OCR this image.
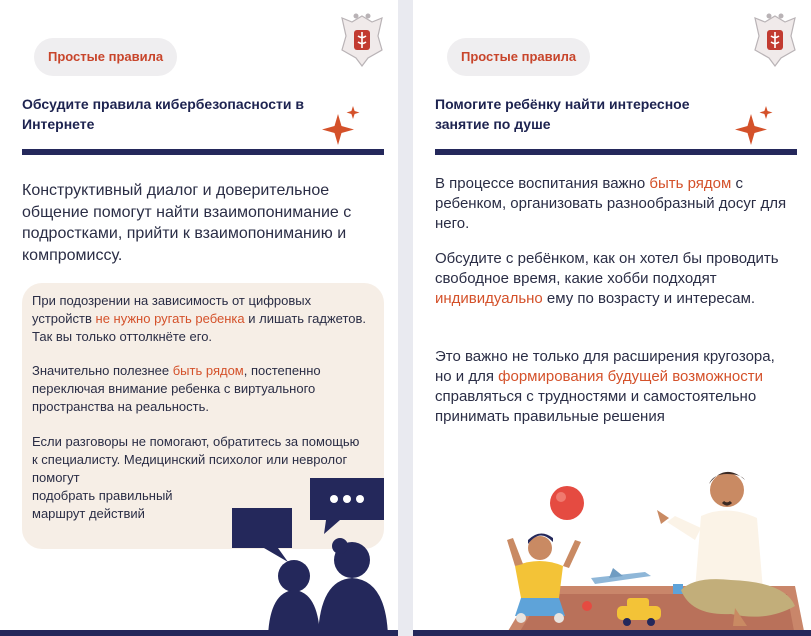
Простые правила
Обсудите правила кибербезопасности в Интернете
Конструктивный диалог и доверительное общение помогут найти взаимопонимание с подростками, прийти к взаимопониманию и компромиссу.
При подозрении на зависимость от цифровых устройств не нужно ругать ребенка и лишать гаджетов. Так вы только оттолкнёте его.
Значительно полезнее быть рядом, постепенно переключая внимание ребенка с виртуального пространства на реальность.
Если разговоры не помогают, обратитесь за помощью к специалисту. Медицинский психолог или невролог помогут
подобрать правильный
маршрут действий
Простые правила
Помогите ребёнку найти интересное занятие по душе
В процессе воспитания важно быть рядом с ребенком, организовать разнообразный досуг для него.
Обсудите с ребёнком, как он хотел бы проводить свободное время, какие хобби подходят индивидуально ему по возрасту и интересам.
Это важно не только для расширения кругозора, но и для формирования будущей возможности справляться с трудностями и самостоятельно принимать правильные решения
